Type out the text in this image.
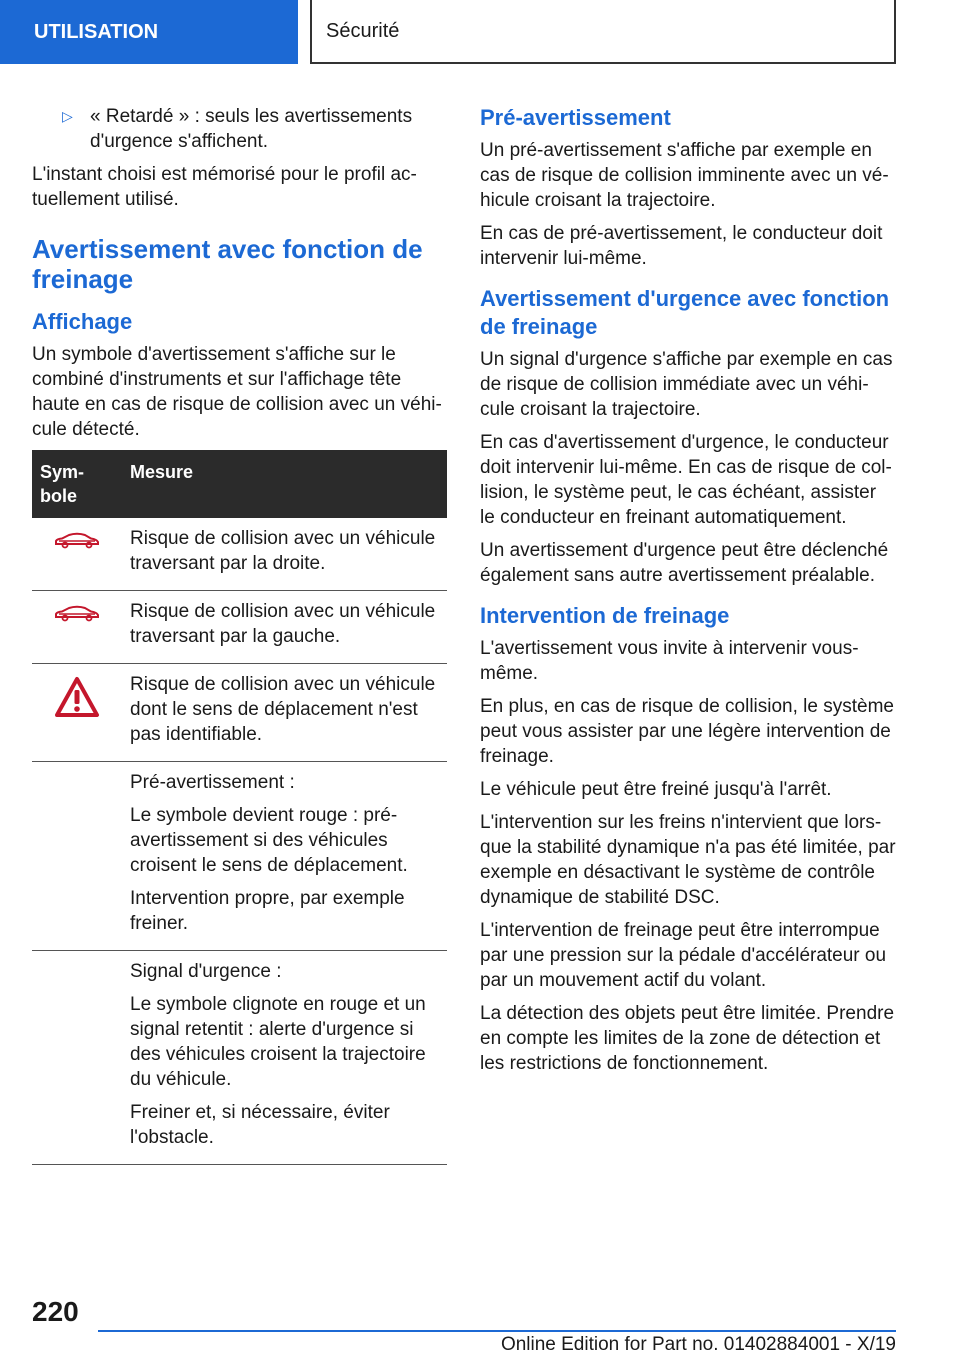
UTILISATION	Sécurité
▷ « Retardé » : seuls les avertissements d'urgence s'affichent.

L'instant choisi est mémorisé pour le profil actuellement utilisé.

Avertissement avec fonction de freinage
Affichage

Un symbole d'avertissement s'affiche sur le combiné d'instruments et sur l'affichage tête haute en cas de risque de collision avec un véhicule détecté.

Symbole	Mesure

Risque de collision avec un véhicule traversant par la droite.

Risque de collision avec un véhicule traversant par la gauche.

Risque de collision avec un véhicule dont le sens de déplacement n'est pas identifiable.

	Pré-avertissement :
Le symbole devient rouge : pré-avertissement si des véhicules croisent le sens de déplacement.
Intervention propre, par exemple freiner.

	Signal d'urgence :
Le symbole clignote en rouge et un signal retentit : alerte d'urgence si des véhicules croisent la trajectoire du véhicule.
Freiner et, si nécessaire, éviter l'obstacle.
Pré-avertissement

Un pré-avertissement s'affiche par exemple en cas de risque de collision imminente avec un véhicule croisant la trajectoire.

En cas de pré-avertissement, le conducteur doit intervenir lui-même.

Avertissement d'urgence avec fonction de freinage

Un signal d'urgence s'affiche par exemple en cas de risque de collision immédiate avec un véhicule croisant la trajectoire.

En cas d'avertissement d'urgence, le conducteur doit intervenir lui-même. En cas de risque de collision, le système peut, le cas échéant, assister le conducteur en freinant automatiquement.

Un avertissement d'urgence peut être déclenché également sans autre avertissement préalable.

Intervention de freinage

L'avertissement vous invite à intervenir vous-même.

En plus, en cas de risque de collision, le système peut vous assister par une légère intervention de freinage.

Le véhicule peut être freiné jusqu'à l'arrêt.

L'intervention sur les freins n'intervient que lorsque la stabilité dynamique n'a pas été limitée, par exemple en désactivant le système de contrôle dynamique de stabilité DSC.

L'intervention de freinage peut être interrompue par une pression sur la pédale d'accélérateur ou par un mouvement actif du volant.

La détection des objets peut être limitée. Prendre en compte les limites de la zone de détection et les restrictions de fonctionnement.

220
Online Edition for Part no. 01402884001 - X/19
